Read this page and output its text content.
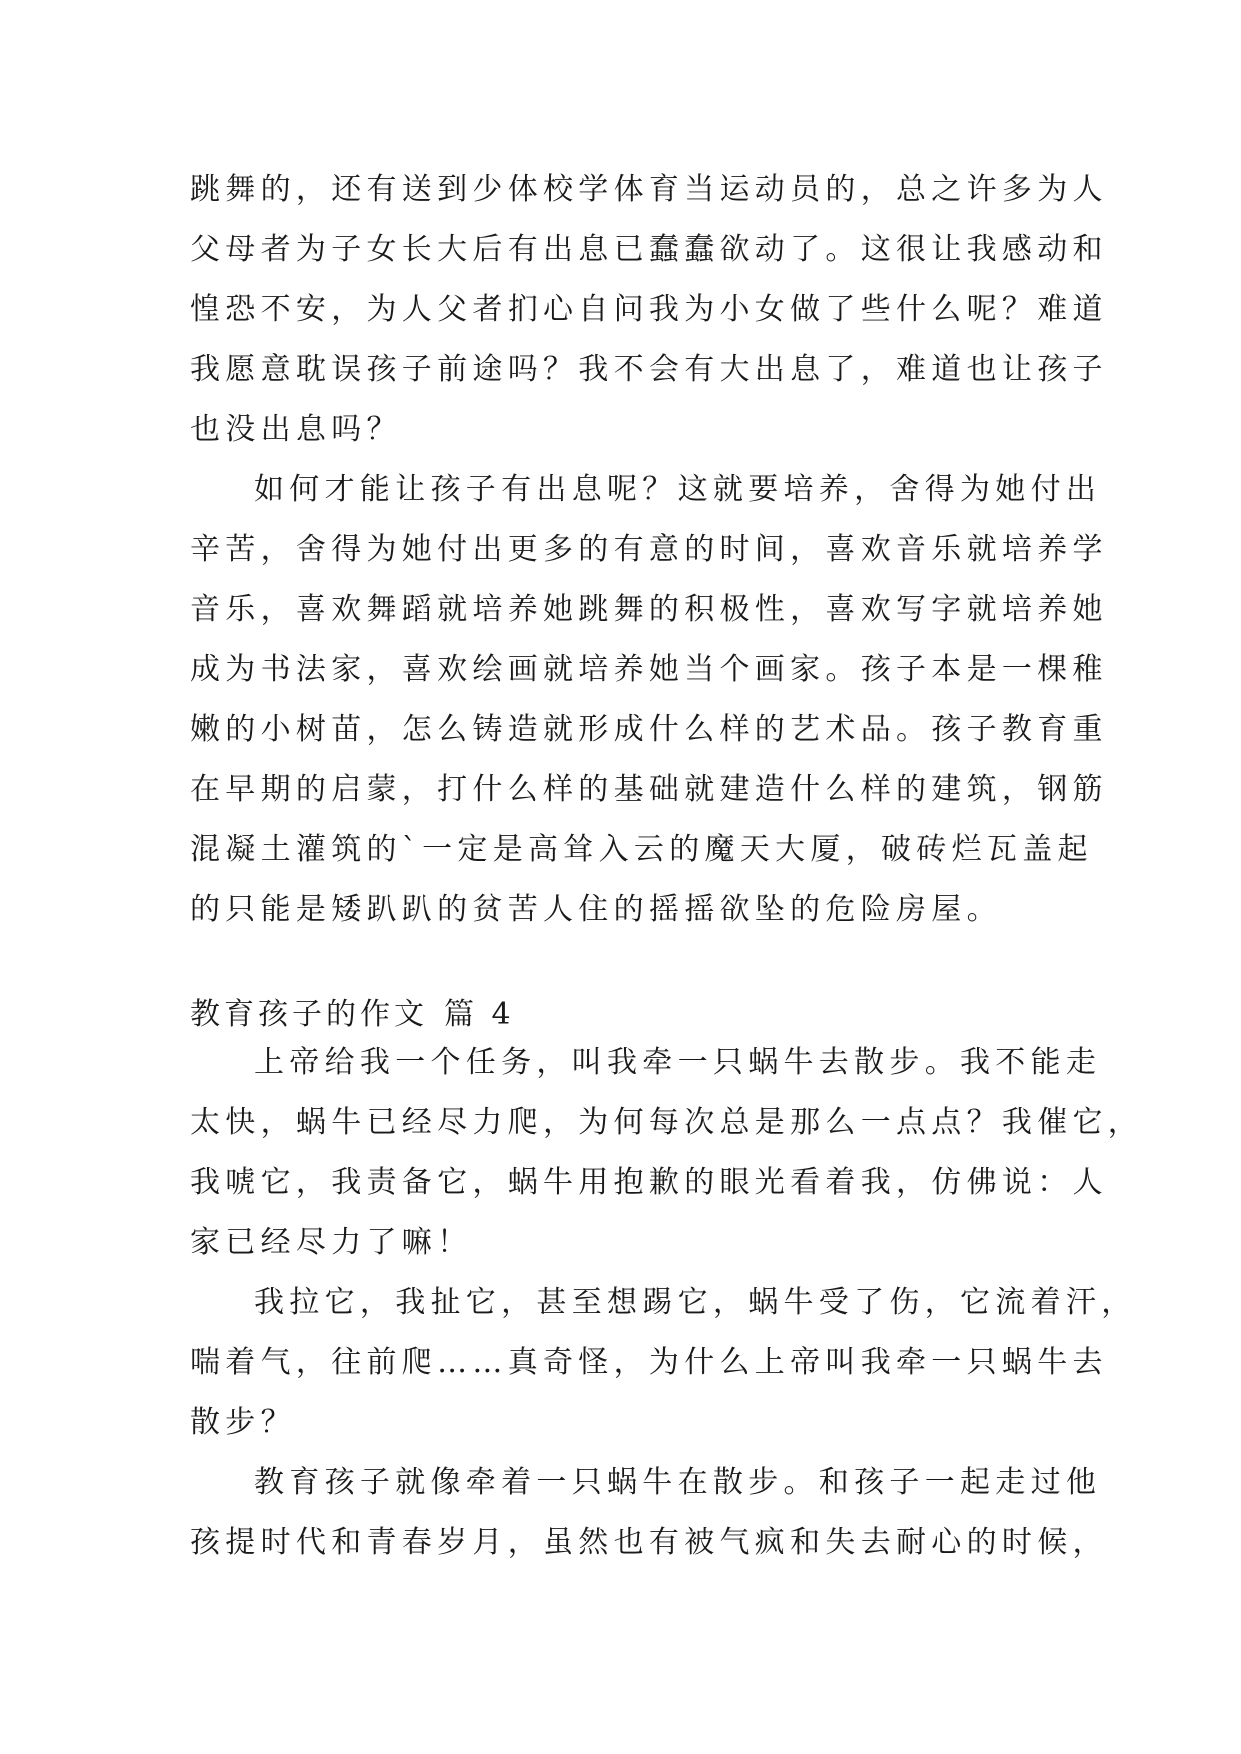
跳舞的，还有送到少体校学体育当运动员的，总之许多为人
父母者为子女长大后有出息已蠢蠢欲动了。这很让我感动和
惶恐不安，为人父者扪心自问我为小女做了些什么呢？难道
我愿意耽误孩子前途吗？我不会有大出息了，难道也让孩子
也没出息吗？
如何才能让孩子有出息呢？这就要培养，舍得为她付出
辛苦，舍得为她付出更多的有意的时间，喜欢音乐就培养学
音乐，喜欢舞蹈就培养她跳舞的积极性，喜欢写字就培养她
成为书法家，喜欢绘画就培养她当个画家。孩子本是一棵稚
嫩的小树苗，怎么铸造就形成什么样的艺术品。孩子教育重
在早期的启蒙，打什么样的基础就建造什么样的建筑，钢筋
混凝土灌筑的`一定是高耸入云的魔天大厦，破砖烂瓦盖起
的只能是矮趴趴的贫苦人住的摇摇欲坠的危险房屋。
教育孩子的作文 篇 4
上帝给我一个任务，叫我牵一只蜗牛去散步。我不能走
太快，蜗牛已经尽力爬，为何每次总是那么一点点？我催它，
我唬它，我责备它，蜗牛用抱歉的眼光看着我，仿佛说：人
家已经尽力了嘛！
我拉它，我扯它，甚至想踢它，蜗牛受了伤，它流着汗，
喘着气，往前爬……真奇怪，为什么上帝叫我牵一只蜗牛去
散步？
教育孩子就像牵着一只蜗牛在散步。和孩子一起走过他
孩提时代和青春岁月，虽然也有被气疯和失去耐心的时候，
